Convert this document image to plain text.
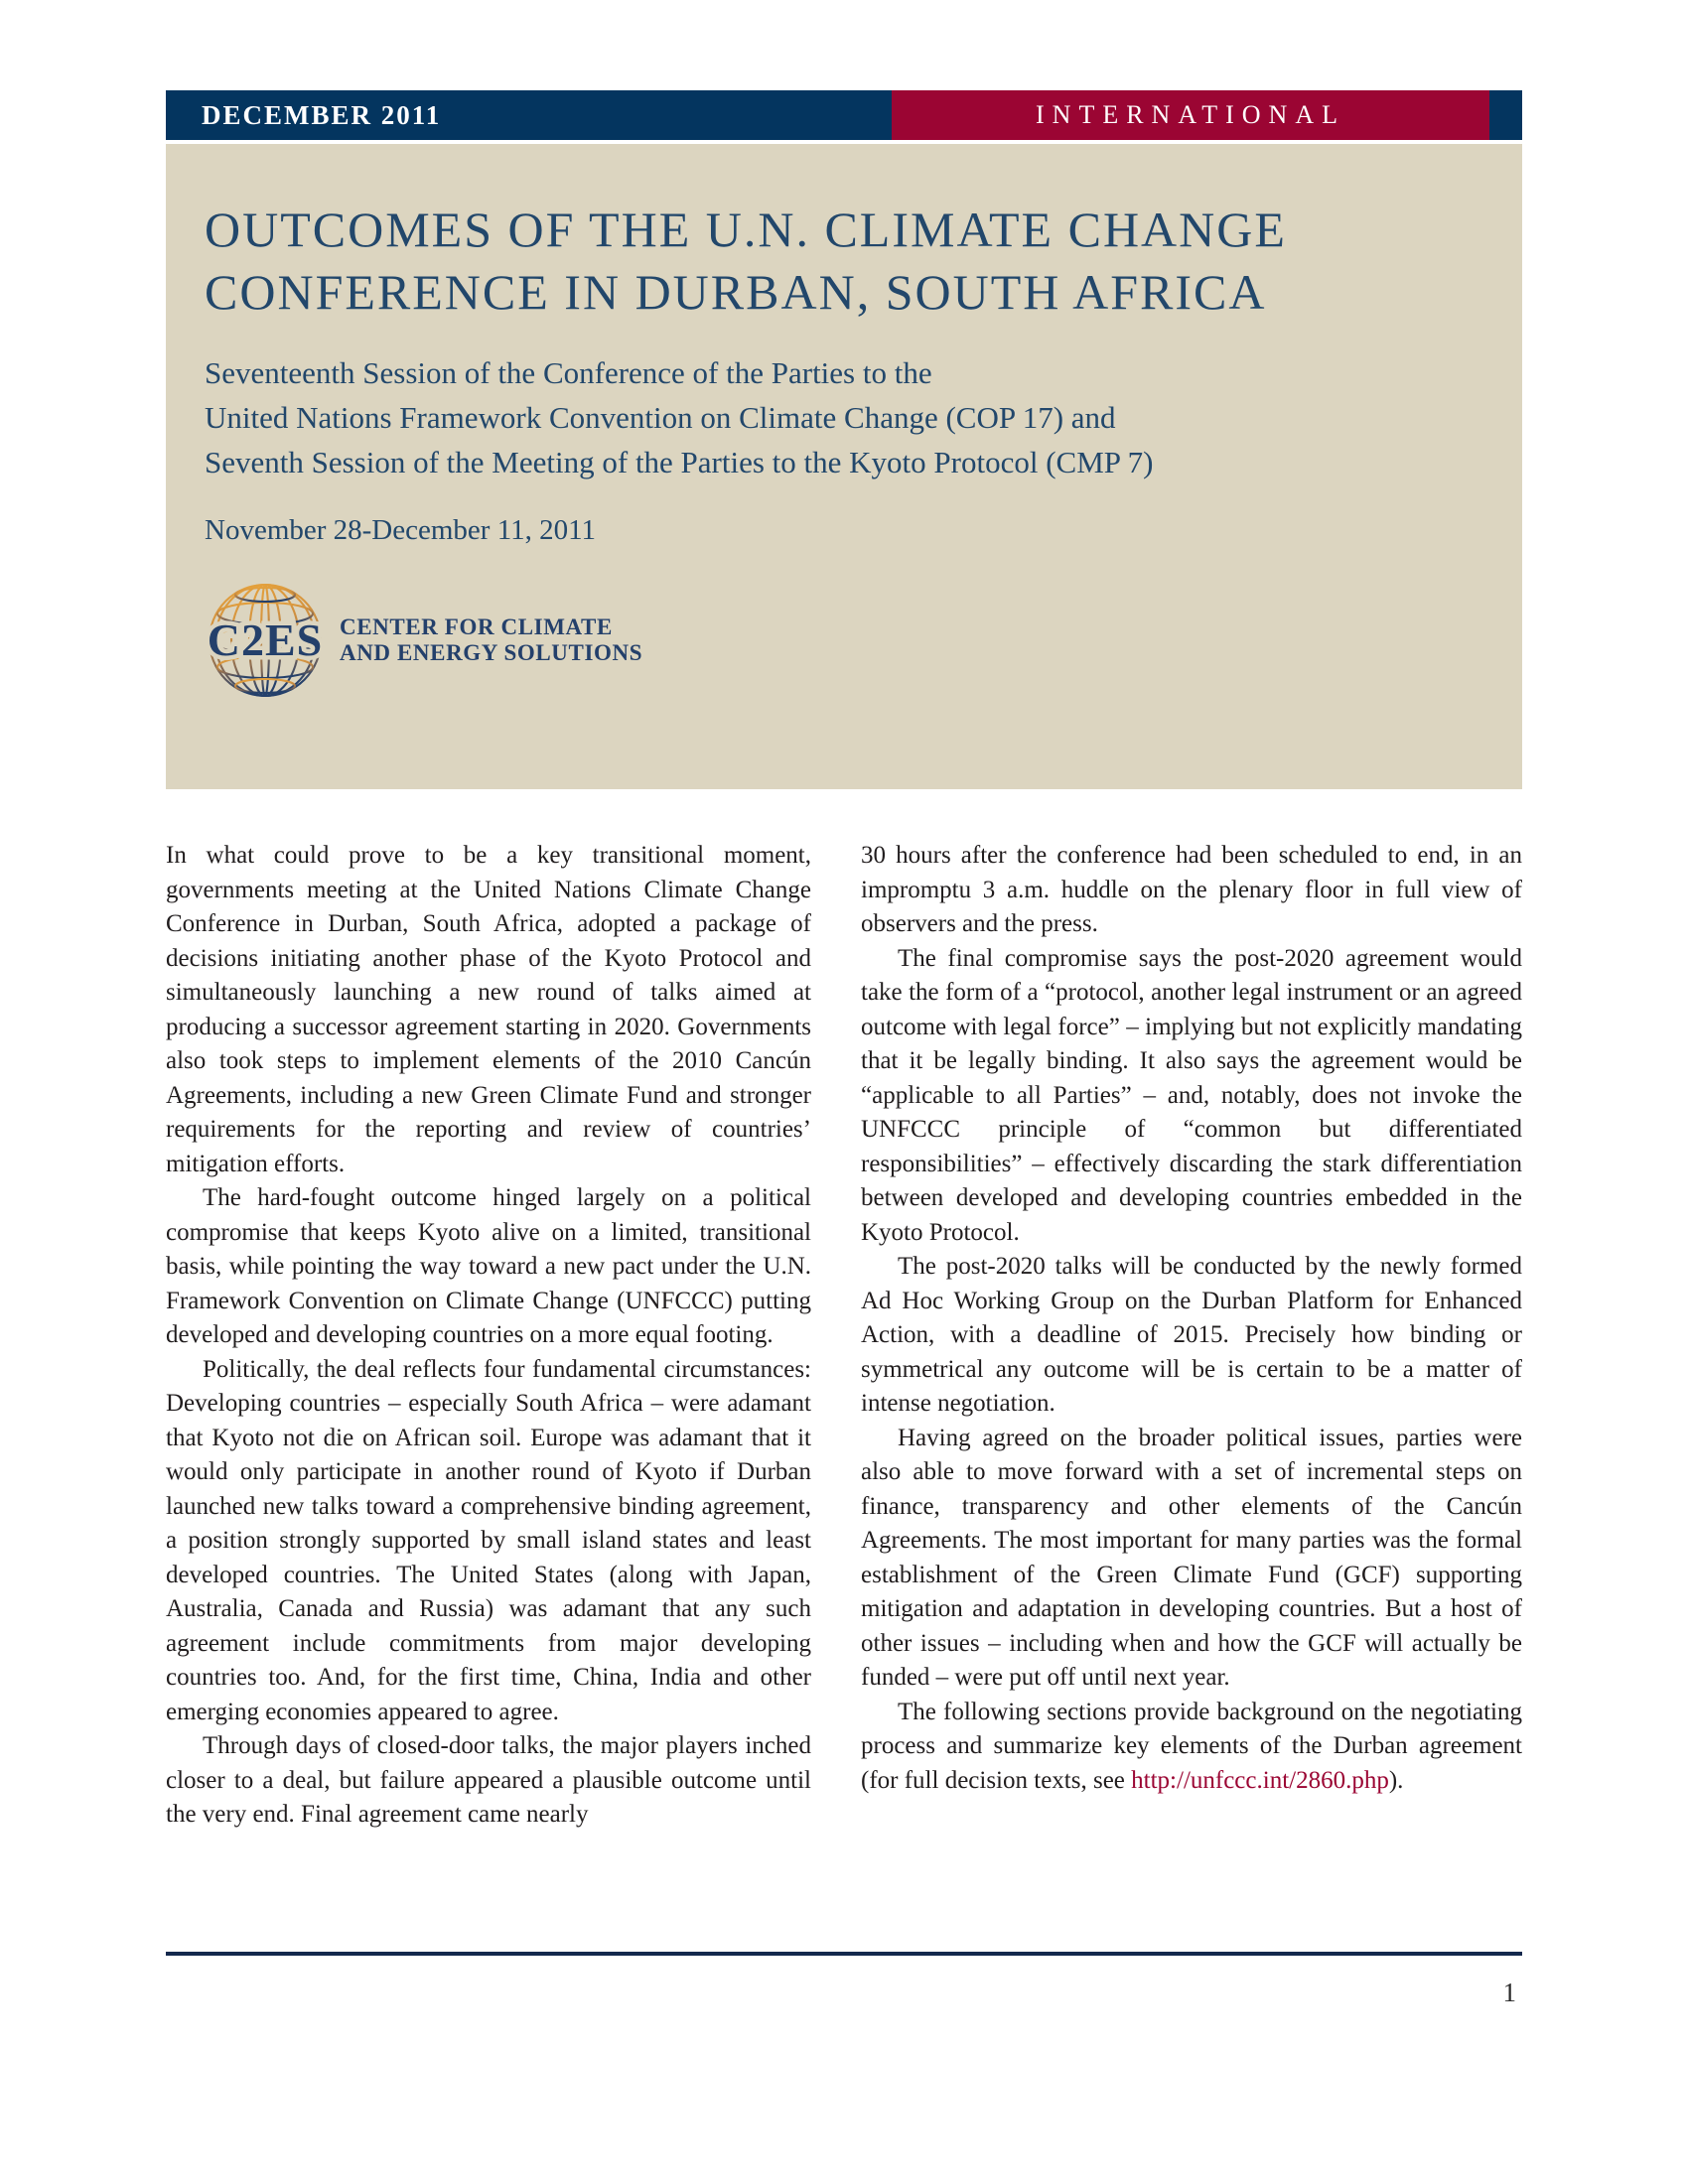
DECEMBER 2011	INTERNATIONAL
OUTCOMES OF THE U.N. CLIMATE CHANGE
CONFERENCE IN DURBAN, SOUTH AFRICA
Seventeenth Session of the Conference of the Parties to the
United Nations Framework Convention on Climate Change (COP 17) and
Seventh Session of the Meeting of the Parties to the Kyoto Protocol (CMP 7)
November 28-December 11, 2011
C2ES CENTER FOR CLIMATE
AND ENERGY SOLUTIONS

In what could prove to be a key transitional moment, governments meeting at the United Nations Climate Change Conference in Durban, South Africa, adopted a package of decisions initiating another phase of the Kyoto Protocol and simultaneously launching a new round of talks aimed at producing a successor agreement starting in 2020. Governments also took steps to implement elements of the 2010 Cancún Agreements, including a new Green Climate Fund and stronger requirements for the reporting and review of countries’ mitigation efforts.

The hard-fought outcome hinged largely on a political compromise that keeps Kyoto alive on a limited, transitional basis, while pointing the way toward a new pact under the U.N. Framework Convention on Climate Change (UNFCCC) putting developed and developing countries on a more equal footing.

Politically, the deal reflects four fundamental circumstances: Developing countries – especially South Africa – were adamant that Kyoto not die on African soil. Europe was adamant that it would only participate in another round of Kyoto if Durban launched new talks toward a comprehensive binding agreement, a position strongly supported by small island states and least developed countries. The United States (along with Japan, Australia, Canada and Russia) was adamant that any such agreement include commitments from major developing countries too. And, for the first time, China, India and other emerging economies appeared to agree.

Through days of closed-door talks, the major players inched closer to a deal, but failure appeared a plausible outcome until the very end. Final agreement came nearly

30 hours after the conference had been scheduled to end, in an impromptu 3 a.m. huddle on the plenary floor in full view of observers and the press.

The final compromise says the post-2020 agreement would take the form of a “protocol, another legal instrument or an agreed outcome with legal force” – implying but not explicitly mandating that it be legally binding. It also says the agreement would be “applicable to all Parties” – and, notably, does not invoke the UNFCCC principle of “common but differentiated responsibilities” – effectively discarding the stark differentiation between developed and developing countries embedded in the Kyoto Protocol.

The post-2020 talks will be conducted by the newly formed Ad Hoc Working Group on the Durban Platform for Enhanced Action, with a deadline of 2015. Precisely how binding or symmetrical any outcome will be is certain to be a matter of intense negotiation.

Having agreed on the broader political issues, parties were also able to move forward with a set of incremental steps on finance, transparency and other elements of the Cancún Agreements. The most important for many parties was the formal establishment of the Green Climate Fund (GCF) supporting mitigation and adaptation in developing countries. But a host of other issues – including when and how the GCF will actually be funded – were put off until next year.

The following sections provide background on the negotiating process and summarize key elements of the Durban agreement (for full decision texts, see http://unfccc.int/2860.php).

1
